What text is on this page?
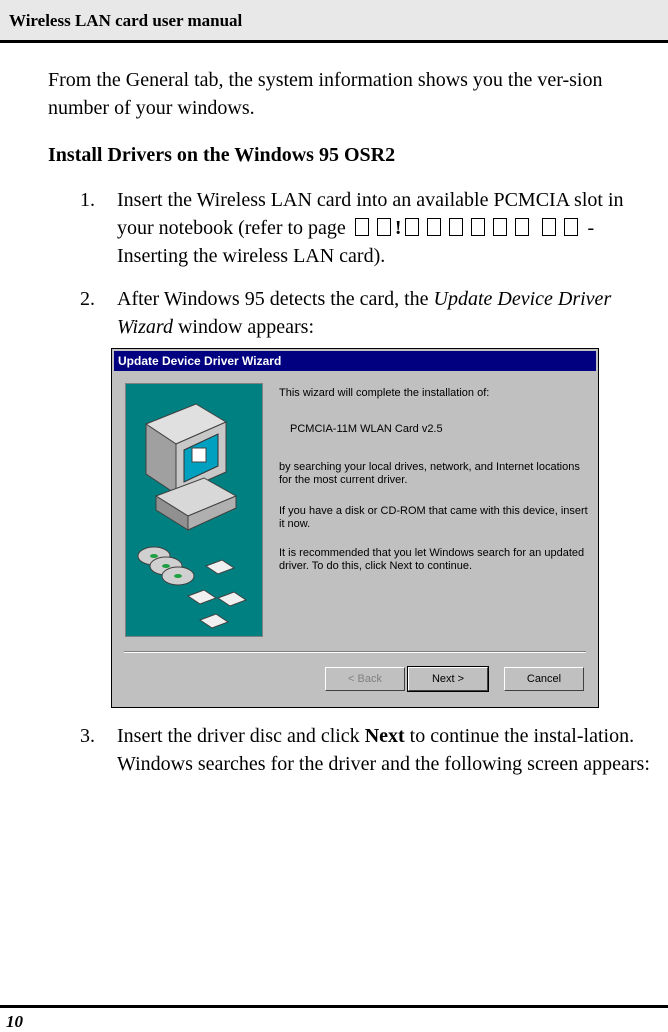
Wireless LAN card user manual
From the General tab, the system information shows you the ver-sion number of your windows.
Install Drivers on the Windows 95 OSR2
1. Insert the Wireless LAN card into an available PCMCIA slot in your notebook (refer to page !	- Inserting the wireless LAN card).
2. After Windows 95 detects the card, the Update Device Driver Wizard window appears:
Update Device Driver Wizard
This wizard will complete the installation of:
PCMCIA-11M WLAN Card v2.5
by searching your local drives, network, and Internet locations for the most current driver.
If you have a disk or CD-ROM that came with this device, insert it now.
It is recommended that you let Windows search for an updated driver. To do this, click Next to continue.
< Back	Next >	Cancel
3. Insert the driver disc and click Next to continue the instal-lation. Windows searches for the driver and the following screen appears:
10
